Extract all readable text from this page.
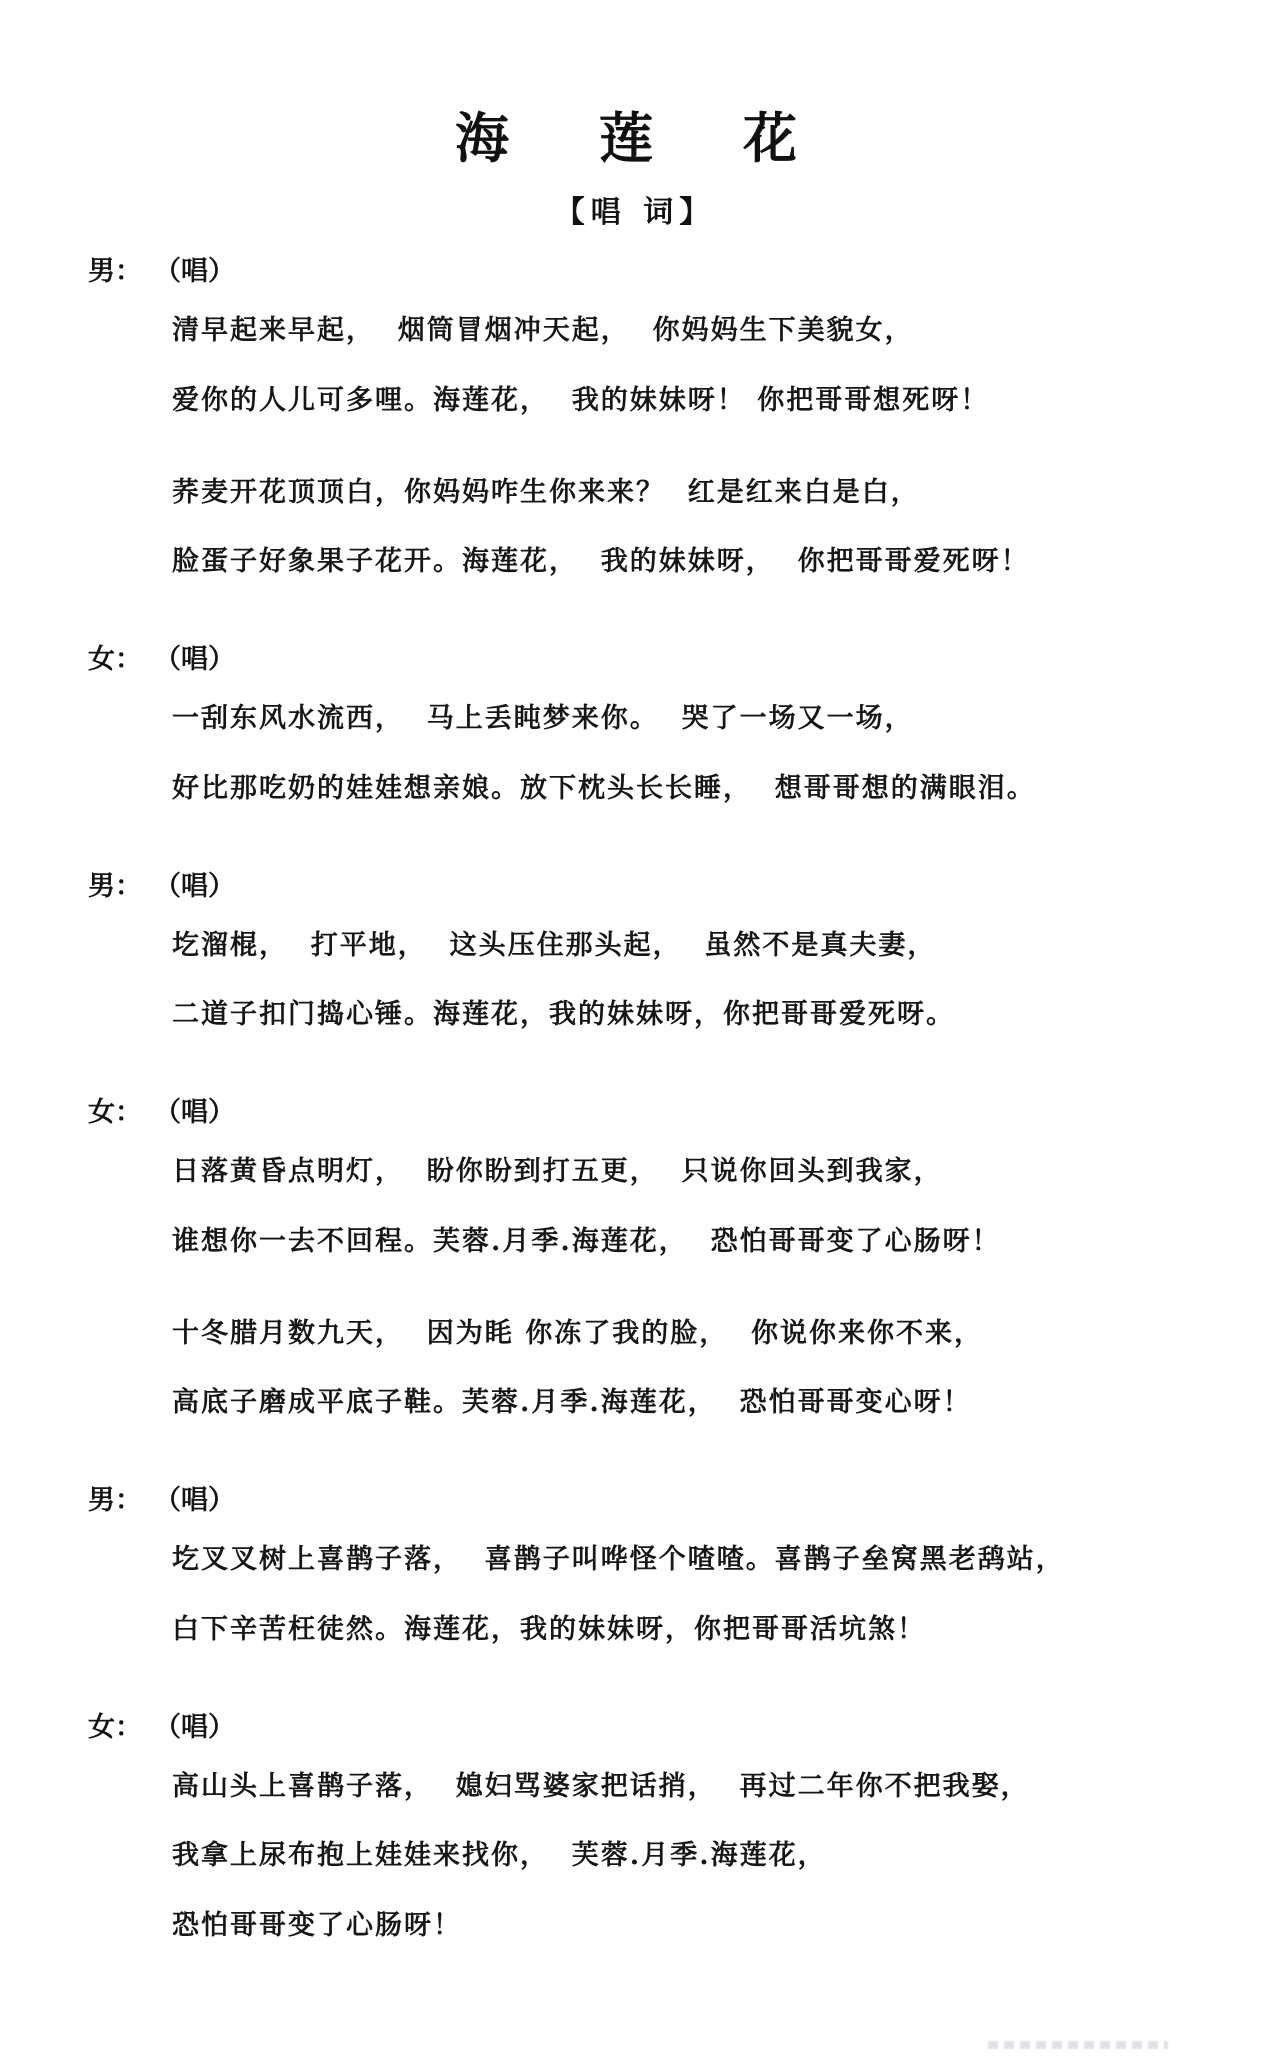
海　莲　花
【唱 词】
男： （唱）
清早起来早起，  烟筒冒烟冲天起，  你妈妈生下美貌女，
爱你的人儿可多哩。海莲花，  我的妹妹呀！ 你把哥哥想死呀！
荞麦开花顶顶白，你妈妈咋生你来来？  红是红来白是白，
脸蛋子好象果子花开。海莲花，  我的妹妹呀，  你把哥哥爱死呀！
女： （唱）
一刮东风水流西，  马上丢盹梦来你。  哭了一场又一场，
好比那吃奶的娃娃想亲娘。放下枕头长长睡，  想哥哥想的满眼泪。
男： （唱）
圪溜棍，  打平地，  这头压住那头起，  虽然不是真夫妻，
二道子扣门捣心锤。海莲花，我的妹妹呀，你把哥哥爱死呀。
女： （唱）
日落黄昏点明灯，  盼你盼到打五更，  只说你回头到我家，
谁想你一去不回程。芙蓉.月季.海莲花，  恐怕哥哥变了心肠呀！
十冬腊月数九天，  因为眊 你冻了我的脸，  你说你来你不来，
高底子磨成平底子鞋。芙蓉.月季.海莲花，  恐怕哥哥变心呀！
男： （唱）
圪叉叉树上喜鹊子落，  喜鹊子叫哗怪个喳喳。喜鹊子垒窝黑老鸹站，
白下辛苦枉徒然。海莲花，我的妹妹呀，你把哥哥活坑煞！
女： （唱）
高山头上喜鹊子落，  媳妇骂婆家把话捎，  再过二年你不把我娶，
我拿上尿布抱上娃娃来找你，  芙蓉.月季.海莲花，
恐怕哥哥变了心肠呀！
